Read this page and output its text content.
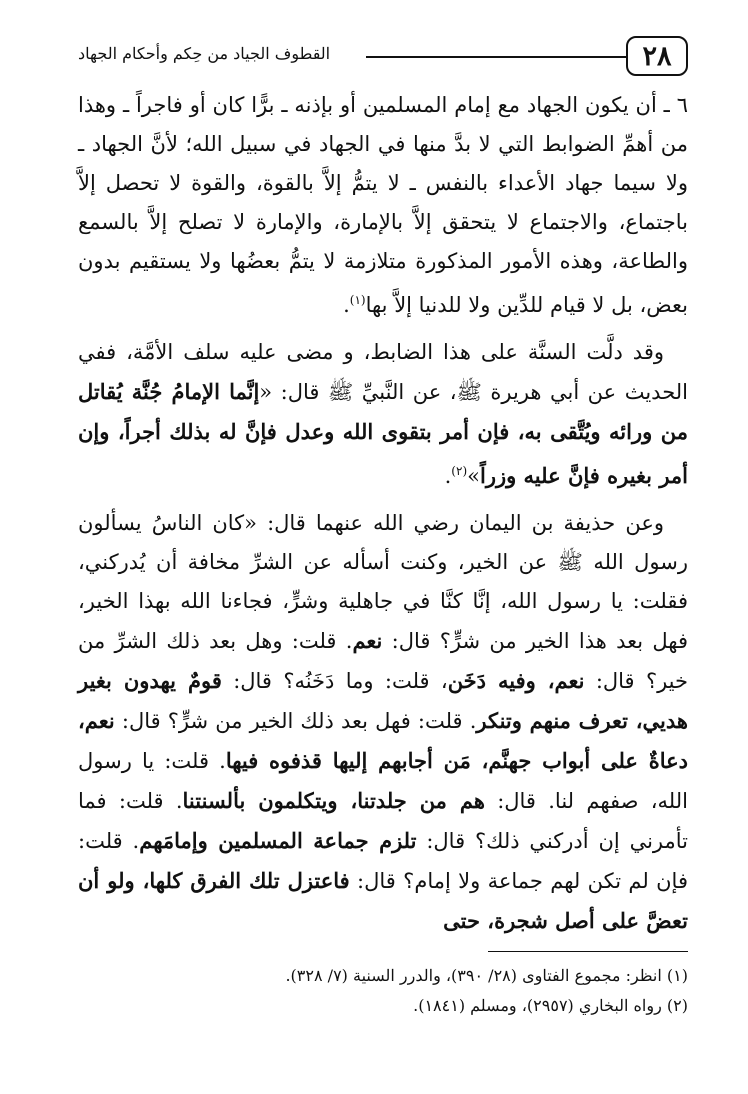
القطوف الجياد من حِكم وأحكام الجهاد	٢٨

٦ ـ أن يكون الجهاد مع إمام المسلمين أو بإذنه ـ برًّا كان أو فاجراً ـ وهذا من أهمِّ الضوابط التي لا بدَّ منها في الجهاد في سبيل الله؛ لأنَّ الجهاد ـ ولا سيما جهاد الأعداء بالنفس ـ لا يتمُّ إلاَّ بالقوة، والقوة لا تحصل إلاَّ باجتماع، والاجتماع لا يتحقق إلاَّ بالإمارة، والإمارة لا تصلح إلاَّ بالسمع والطاعة، وهذه الأمور المذكورة متلازمة لا يتمُّ بعضُها ولا يستقيم بدون بعض، بل لا قيام للدِّين ولا للدنيا إلاَّ بها$^{(١)}$.

وقد دلَّت السنَّة على هذا الضابط، و مضى عليه سلف الأمَّة، ففي الحديث عن أبي هريرة ﷺ، عن النَّبيِّ ﷺ قال: «إنَّما الإمامُ جُنَّة يُقاتل من ورائه ويُتَّقى به، فإن أمر بتقوى الله وعدل فإنَّ له بذلك أجراً، وإن أمر بغيره فإنَّ عليه وزراً»$^{(٢)}$.

وعن حذيفة بن اليمان رضي الله عنهما قال: «كان الناسُ يسألون رسول الله ﷺ عن الخير، وكنت أسأله عن الشرِّ مخافة أن يُدركني، فقلت: يا رسول الله، إنَّا كنَّا في جاهلية وشرٍّ، فجاءنا الله بهذا الخير، فهل بعد هذا الخير من شرٍّ؟ قال: نعم. قلت: وهل بعد ذلك الشرِّ من خير؟ قال: نعم، وفيه دَخَن، قلت: وما دَخَنُه؟ قال: قومٌ يهدون بغير هديي، تعرف منهم وتنكر. قلت: فهل بعد ذلك الخير من شرٍّ؟ قال: نعم، دعاةٌ على أبواب جهنَّم، مَن أجابهم إليها قذفوه فيها. قلت: يا رسول الله، صفهم لنا. قال: هم من جلدتنا، ويتكلمون بألسنتنا. قلت: فما تأمرني إن أدركني ذلك؟ قال: تلزم جماعة المسلمين وإمامَهم. قلت: فإن لم تكن لهم جماعة ولا إمام؟ قال: فاعتزل تلك الفرق كلها، ولو أن تعضَّ على أصل شجرة، حتى

(١) انظر: مجموع الفتاوى (٢٨/ ٣٩٠)، والدرر السنية (٧/ ٣٢٨).

(٢) رواه البخاري (٢٩٥٧)، ومسلم (١٨٤١).
